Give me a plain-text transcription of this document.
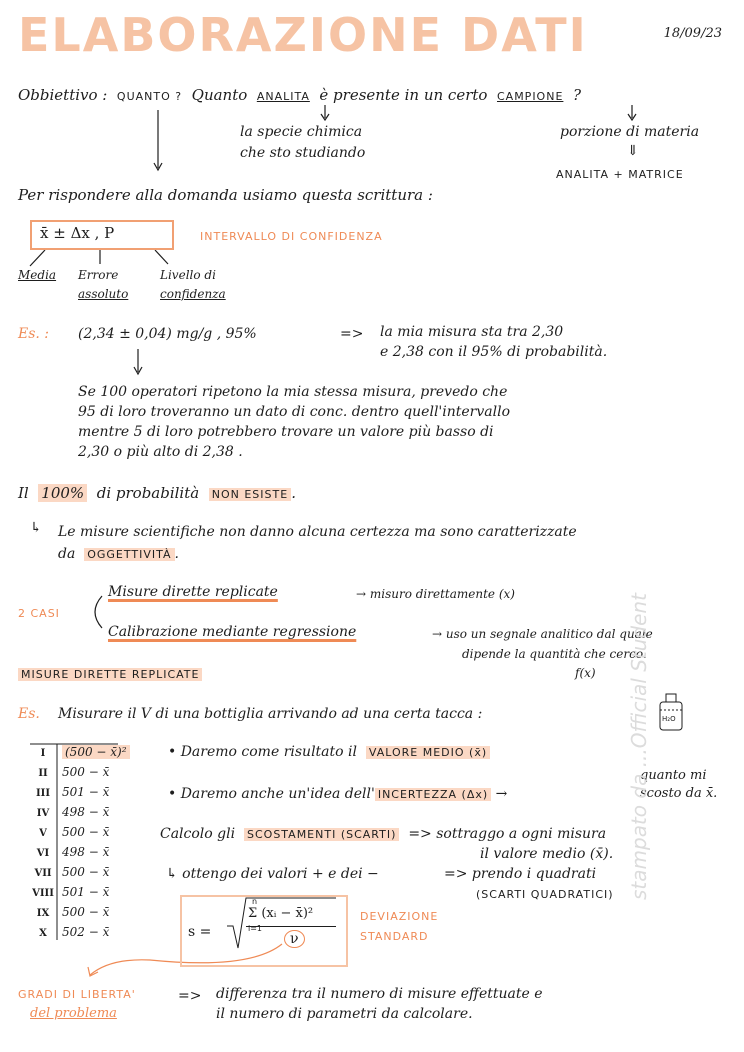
ELABORAZIONE DATI	18/09/23
Obbiettivo : QUANTO ? Quanto ANALITA è presente in un certo CAMPIONE ?
la specie chimica
che sto studiando
porzione di materia
⇓
ANALITA + MATRICE
Per rispondere alla domanda usiamo questa scrittura :
x̄ ± Δx , P	INTERVALLO DI CONFIDENZA
Media Errore
assoluto
Livello di
confidenza
Es. : (2,34 ± 0,04) mg/g , 95%	=> la mia misura sta tra 2,30
e 2,38 con il 95% di probabilità.
Se 100 operatori ripetono la mia stessa misura, prevedo che
95 di loro troveranno un dato di conc. dentro quell'intervallo
mentre 5 di loro potrebbero trovare un valore più basso di
2,30 o più alto di 2,38 .
Il 100% di probabilità NON ESISTE .
↳ Le misure scientifiche non danno alcuna certezza ma sono caratterizzate
da OGGETTIVITÀ .
2 CASI
Misure dirette replicate	→ misuro direttamente (x)
Calibrazione mediante regressione	→ uso un segnale analitico dal quale
dipende la quantità che cerco.
f(x)
MISURE DIRETTE REPLICATE
Es. Misurare il V di una bottiglia arrivando ad una certa tacca :	H₂O
I (500 − x̄)²
II 500 − x̄
III 501 − x̄
IV 498 − x̄
V 500 − x̄
VI 498 − x̄
VII 500 − x̄
VIII 501 − x̄
IX 500 − x̄
X 502 − x̄
• Daremo come risultato il VALORE MEDIO (x̄)
• Daremo anche un'idea dell' INCERTEZZA (Δx) →
quanto mi
scosto da x̄.
Calcolo gli SCOSTAMENTI (SCARTI) => sottraggo a ogni misura
il valore medio (x̄).
↳ ottengo dei valori + e dei −	=> prendo i quadrati
(SCARTI QUADRATICI)
s =
n
Σ (xᵢ − x̄)²
i=1
ν
DEVIAZIONE
STANDARD
GRADI DI LIBERTA'
del problema
=> differenza tra il numero di misure effettuate e
il numero di parametri da calcolare.
stampato da ...Official Student
